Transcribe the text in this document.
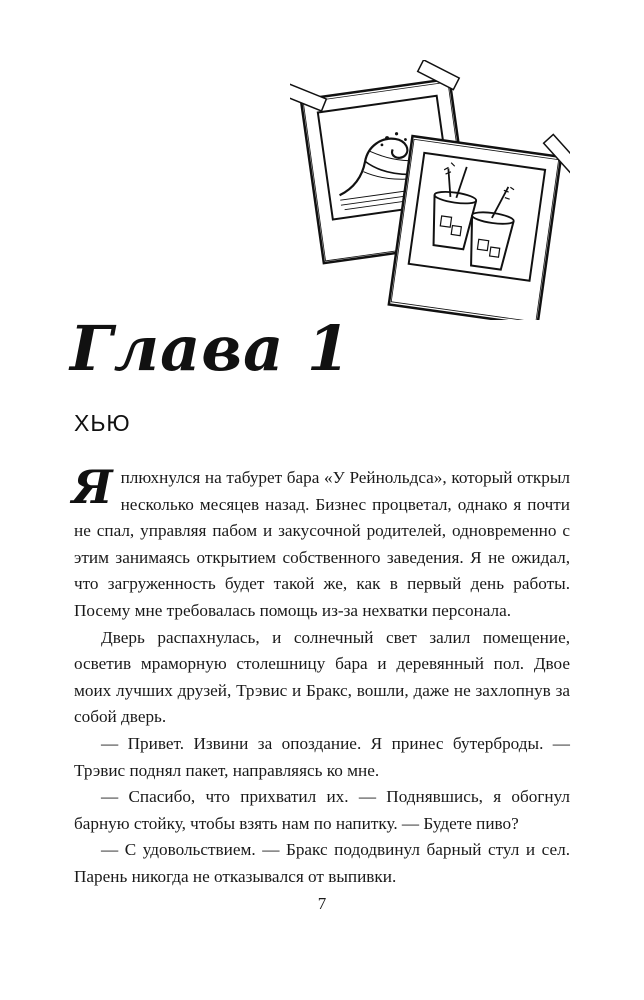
Глава 1
ХЬЮ

Яплюхнулся на табурет бара «У Рейнольдса», который открыл несколько месяцев назад. Бизнес процветал, однако я почти не спал, управляя пабом и закусочной родителей, одновременно с этим занимаясь открытием собственного заведения. Я не ожидал, что загруженность будет такой же, как в первый день работы. Посему мне требовалась помощь из-за нехватки персонала.

Дверь распахнулась, и солнечный свет залил помещение, осветив мраморную столешницу бара и деревянный пол. Двое моих лучших друзей, Трэвис и Бракс, вошли, даже не захлопнув за собой дверь.

— Привет. Извини за опоздание. Я принес бутерброды. — Трэвис поднял пакет, направляясь ко мне.

— Спасибо, что прихватил их. — Поднявшись, я обогнул барную стойку, чтобы взять нам по напитку. — Будете пиво?

— С удовольствием. — Бракс пододвинул барный стул и сел. Парень никогда не отказывался от выпивки.

7
